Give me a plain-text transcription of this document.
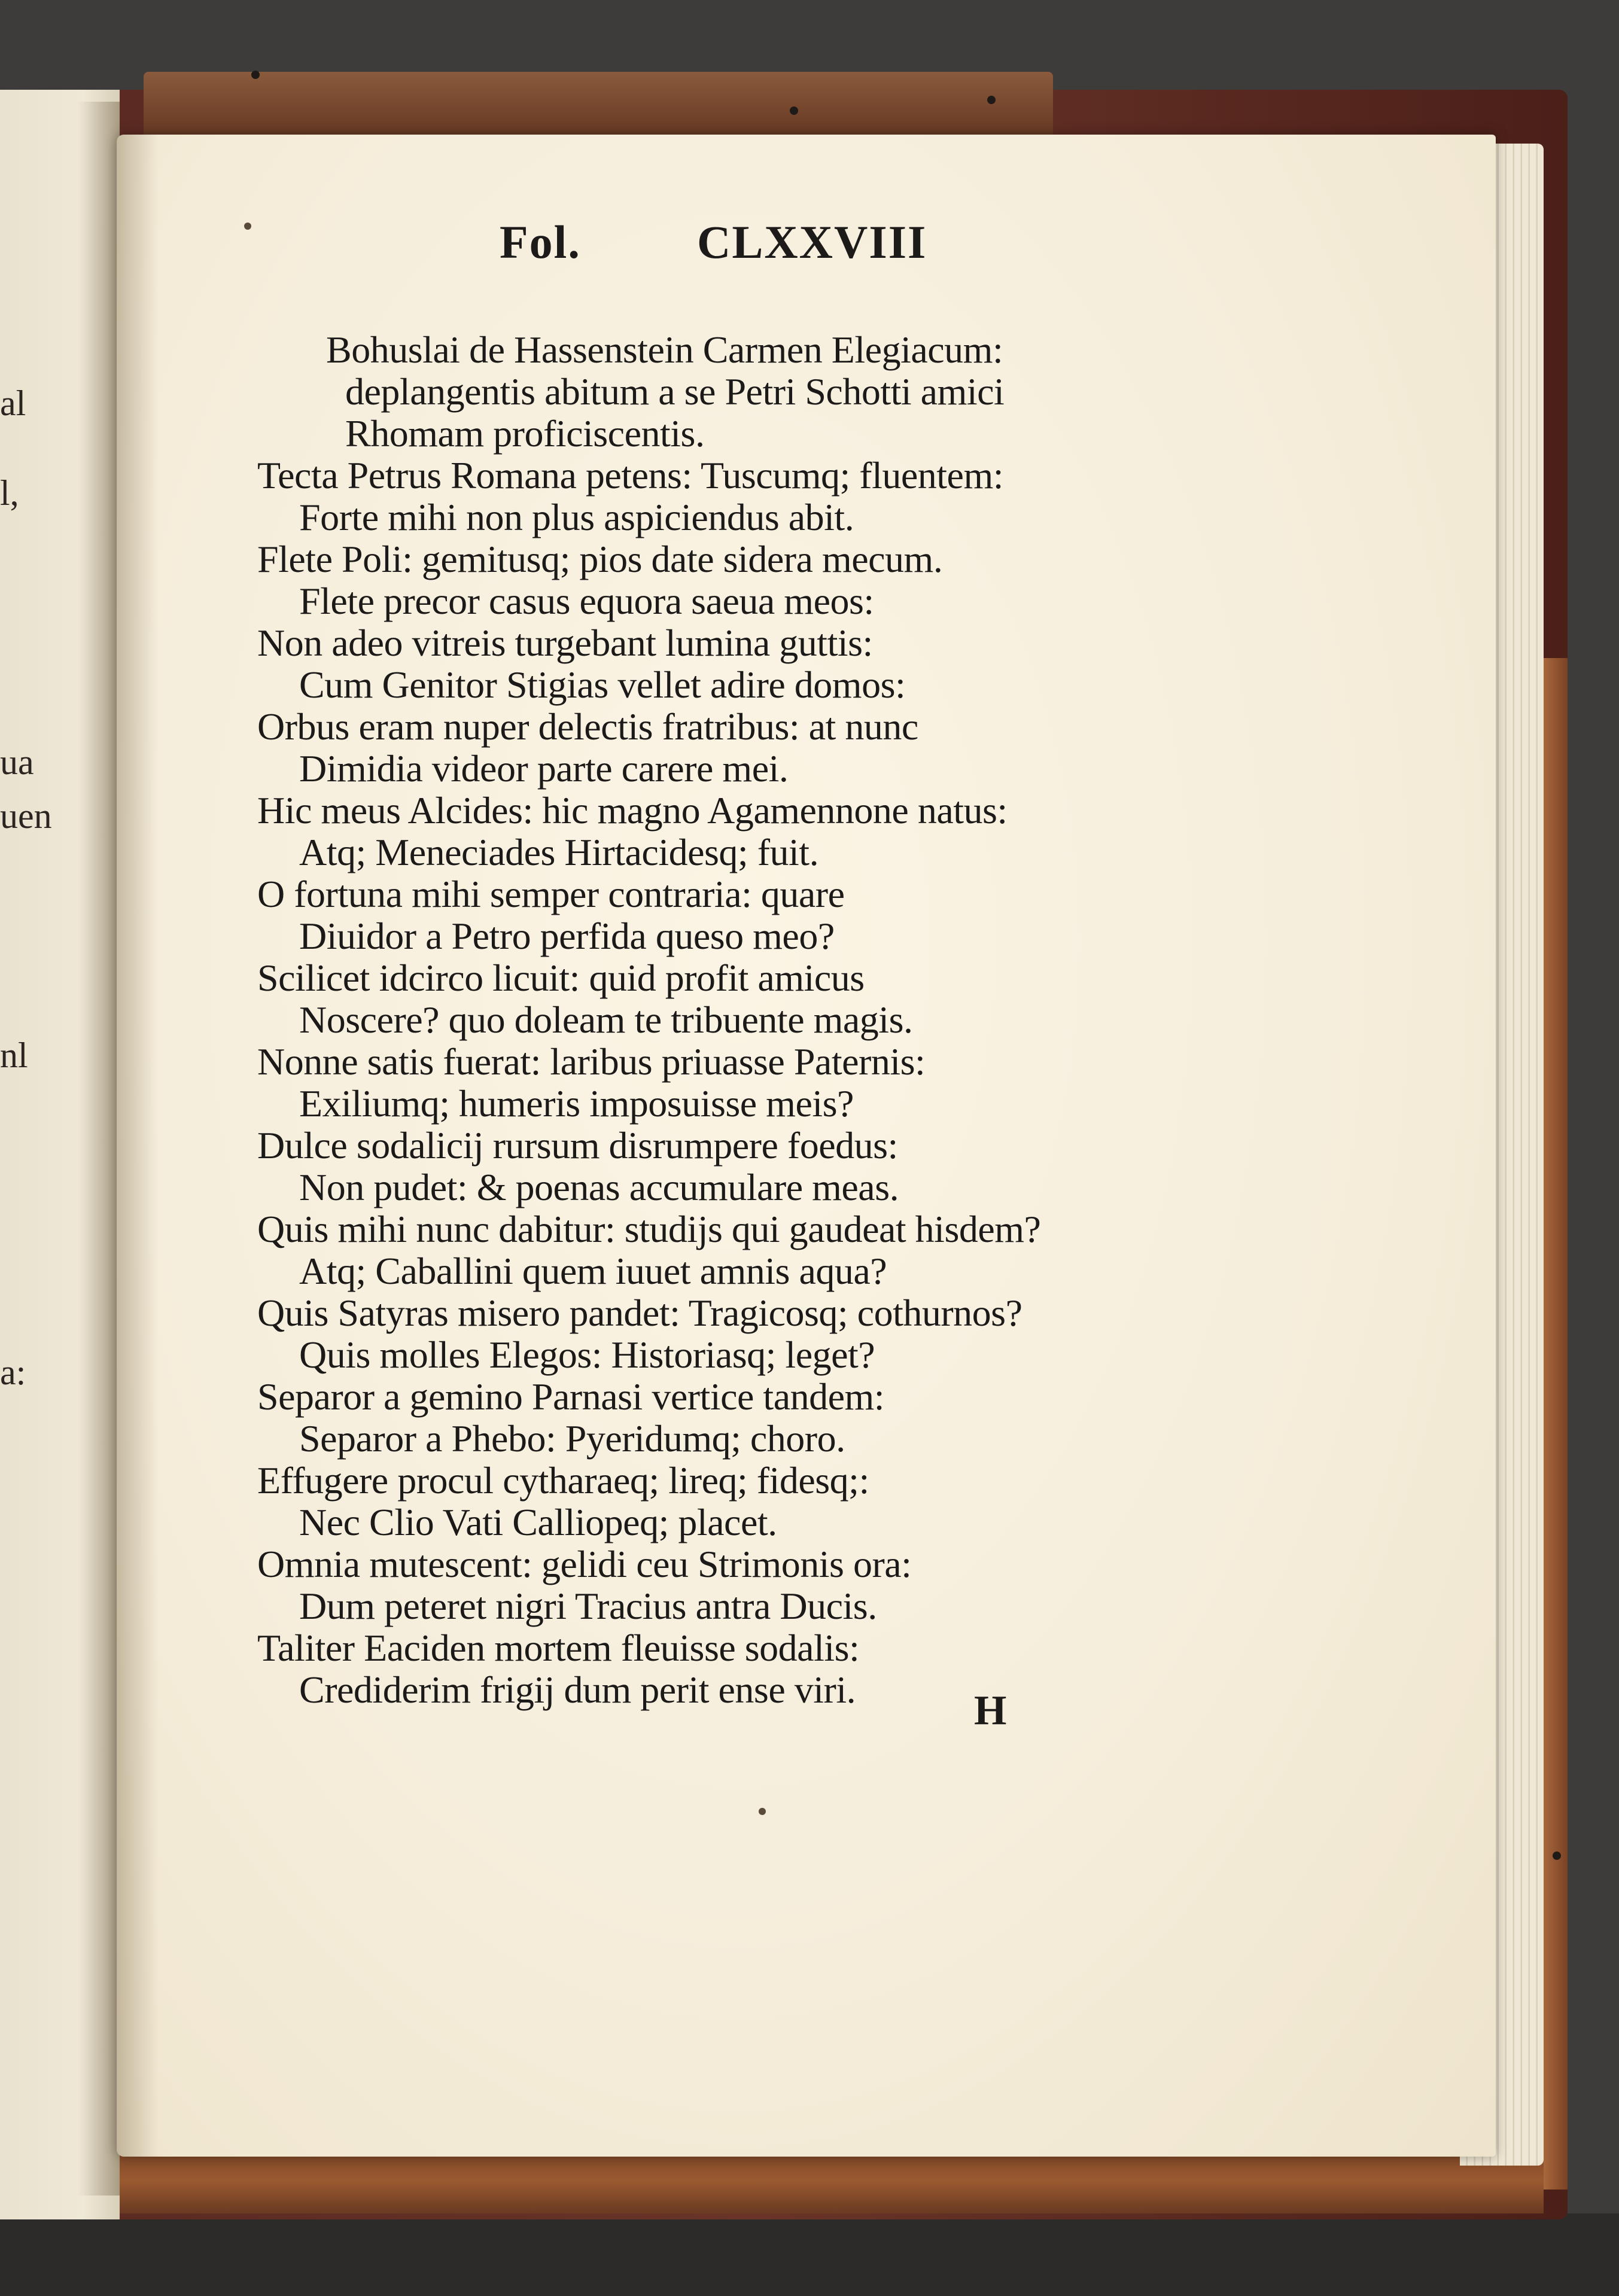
al
l,
ua
uen
nl
a:
Fol. CLXXVIII
Bohuslai de Hassenstein Carmen Elegiacum:
deplangentis abitum a se Petri Schotti amici
Rhomam proficiscentis.
Tecta Petrus Romana petens: Tuscumq; fluentem:
Forte mihi non plus aspiciendus abit.
Flete Poli: gemitusq; pios date sidera mecum.
Flete precor casus equora saeua meos:
Non adeo vitreis turgebant lumina guttis:
Cum Genitor Stigias vellet adire domos:
Orbus eram nuper delectis fratribus: at nunc
Dimidia videor parte carere mei.
Hic meus Alcides: hic magno Agamennone natus:
Atq; Meneciades Hirtacidesq; fuit.
O fortuna mihi semper contraria: quare
Diuidor a Petro perfida queso meo?
Scilicet idcirco licuit: quid profit amicus
Noscere? quo doleam te tribuente magis.
Nonne satis fuerat: laribus priuasse Paternis:
Exiliumq; humeris imposuisse meis?
Dulce sodalicij rursum disrumpere foedus:
Non pudet: & poenas accumulare meas.
Quis mihi nunc dabitur: studijs qui gaudeat hisdem?
Atq; Caballini quem iuuet amnis aqua?
Quis Satyras misero pandet: Tragicosq; cothurnos?
Quis molles Elegos: Historiasq; leget?
Separor a gemino Parnasi vertice tandem:
Separor a Phebo: Pyeridumq; choro.
Effugere procul cytharaeq; lireq; fidesq;:
Nec Clio Vati Calliopeq; placet.
Omnia mutescent: gelidi ceu Strimonis ora:
Dum peteret nigri Tracius antra Ducis.
Taliter Eaciden mortem fleuisse sodalis:
Crediderim frigij dum perit ense viri.	H
